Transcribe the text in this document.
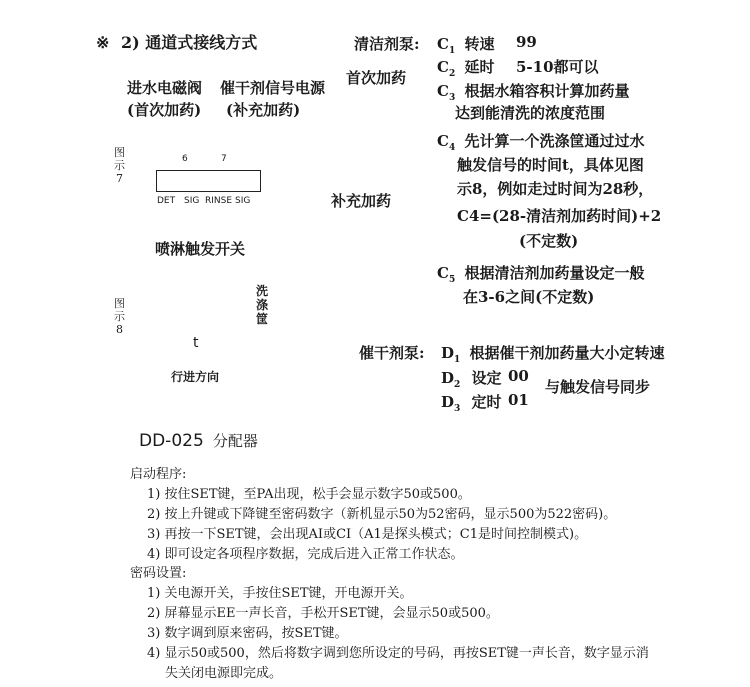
※ 2) 通道式接线方式
进水电磁阀
(首次加药)
催干剂信号电源
(补充加药)
图
示
7
6	7
DET SIG RINSE SIG
喷淋触发开关
图
示
8
洗
涤
筐
t
行进方向
清洁剂泵: $C_1$ 转速 99
首次加药
$C_2$ 延时 5-10都可以
$C_3$ 根据水箱容积计算加药量
达到能清洗的浓度范围
补充加药
$C_4$ 先计算一个洗涤筐通过过水
触发信号的时间t，具体见图
示8，例如走过时间为28秒，
C4=(28-清洁剂加药时间)+2
(不定数)
$C_5$ 根据清洁剂加药量设定一般
在3-6之间(不定数)
催干剂泵: $D_1$ 根据催干剂加药量大小定转速
$D_2$ 设定 00
$D_3$ 定时 01
与触发信号同步
DD-025 分配器
启动程序:
1) 按住SET键，至PA出现，松手会显示数字50或500。
2) 按上升键或下降键至密码数字（新机显示50为52密码，显示500为522密码)。
3) 再按一下SET键，会出现AI或CI（A1是探头模式；C1是时间控制模式)。
4) 即可设定各项程序数据，完成后进入正常工作状态。
密码设置:
1) 关电源开关，手按住SET键，开电源开关。
2) 屏幕显示EE一声长音，手松开SET键，会显示50或500。
3) 数字调到原来密码，按SET键。
4) 显示50或500，然后将数字调到您所设定的号码，再按SET键一声长音，数字显示消
失关闭电源即完成。
